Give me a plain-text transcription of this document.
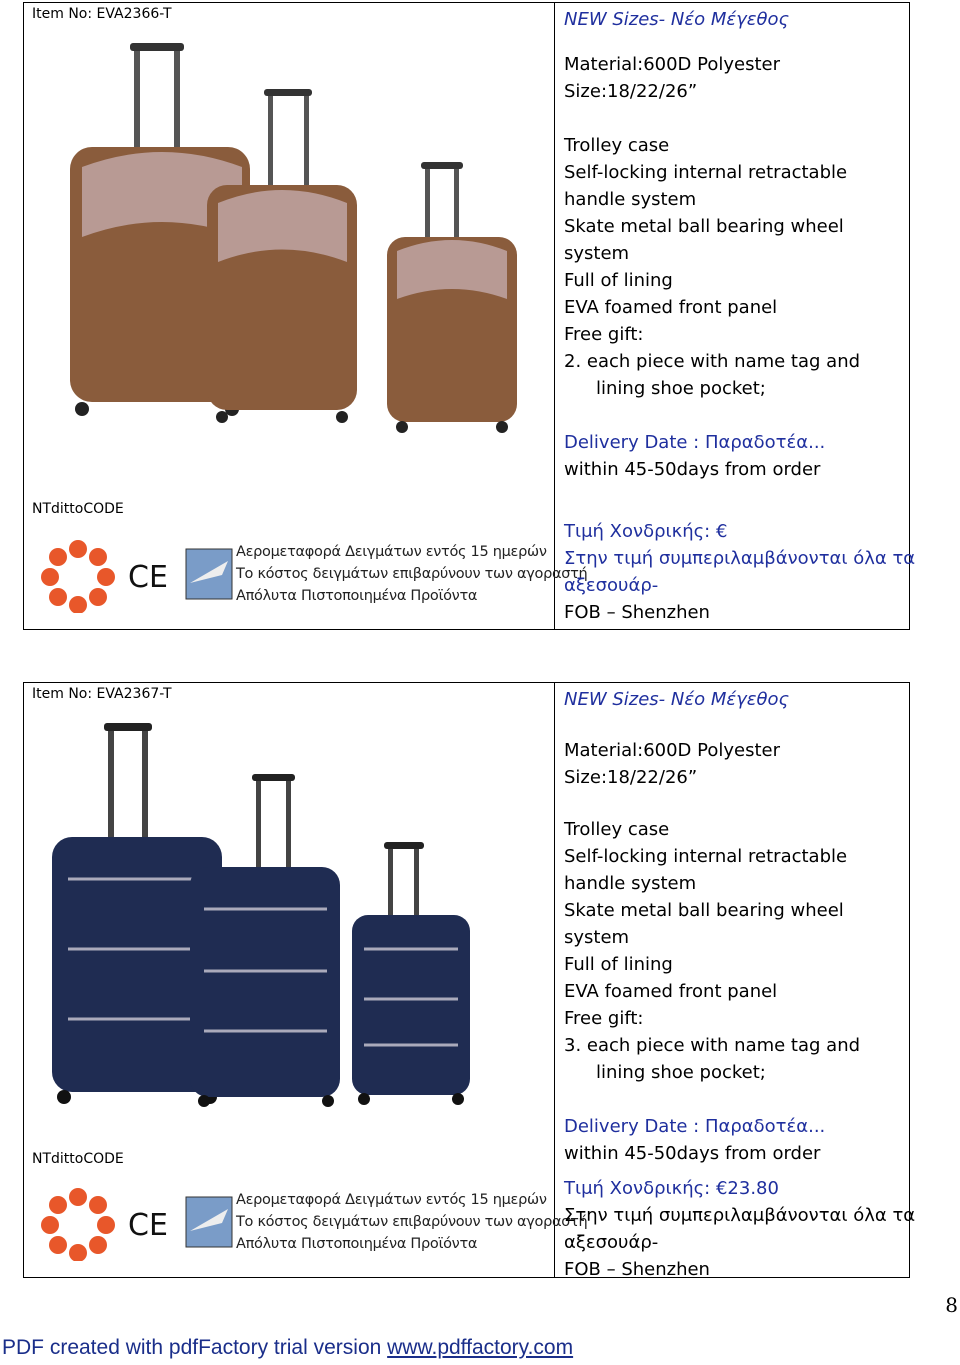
Item No: EVA2366-T
NTdittoCODE
CE
Αερομεταφορά Δειγμάτων εντός 15 ημερών
Το κόστος δειγμάτων επιβαρύνουν των αγοραστή
Απόλυτα Πιστοποιημένα Προϊόντα
NEW Sizes- Νέο Μέγεθος
Material:600D Polyester
Size:18/22/26”
Trolley case
Self-locking internal retractable
handle system
Skate metal ball bearing wheel
system
Full of lining
EVA foamed front panel
Free gift:
2. each piece with name tag and
lining shoe pocket;
Delivery Date : Παραδοτέα...
within 45-50days from order
Τιμή Χονδρικής: €
Στην τιμή συμπεριλαμβάνονται όλα τα
αξεσουάρ-
FOB – Shenzhen
Item No: EVA2367-T
NTdittoCODE
CE
Αερομεταφορά Δειγμάτων εντός 15 ημερών
Το κόστος δειγμάτων επιβαρύνουν των αγοραστή
Απόλυτα Πιστοποιημένα Προϊόντα
NEW Sizes- Νέο Μέγεθος
Material:600D Polyester
Size:18/22/26”
Trolley case
Self-locking internal retractable
handle system
Skate metal ball bearing wheel
system
Full of lining
EVA foamed front panel
Free gift:
3. each piece with name tag and
lining shoe pocket;
Delivery Date : Παραδοτέα...
within 45-50days from order
Τιμή Χονδρικής: €23.80
Στην τιμή συμπεριλαμβάνονται όλα τα
αξεσουάρ-
FOB – Shenzhen
8
PDF created with pdfFactory trial version www.pdffactory.com
